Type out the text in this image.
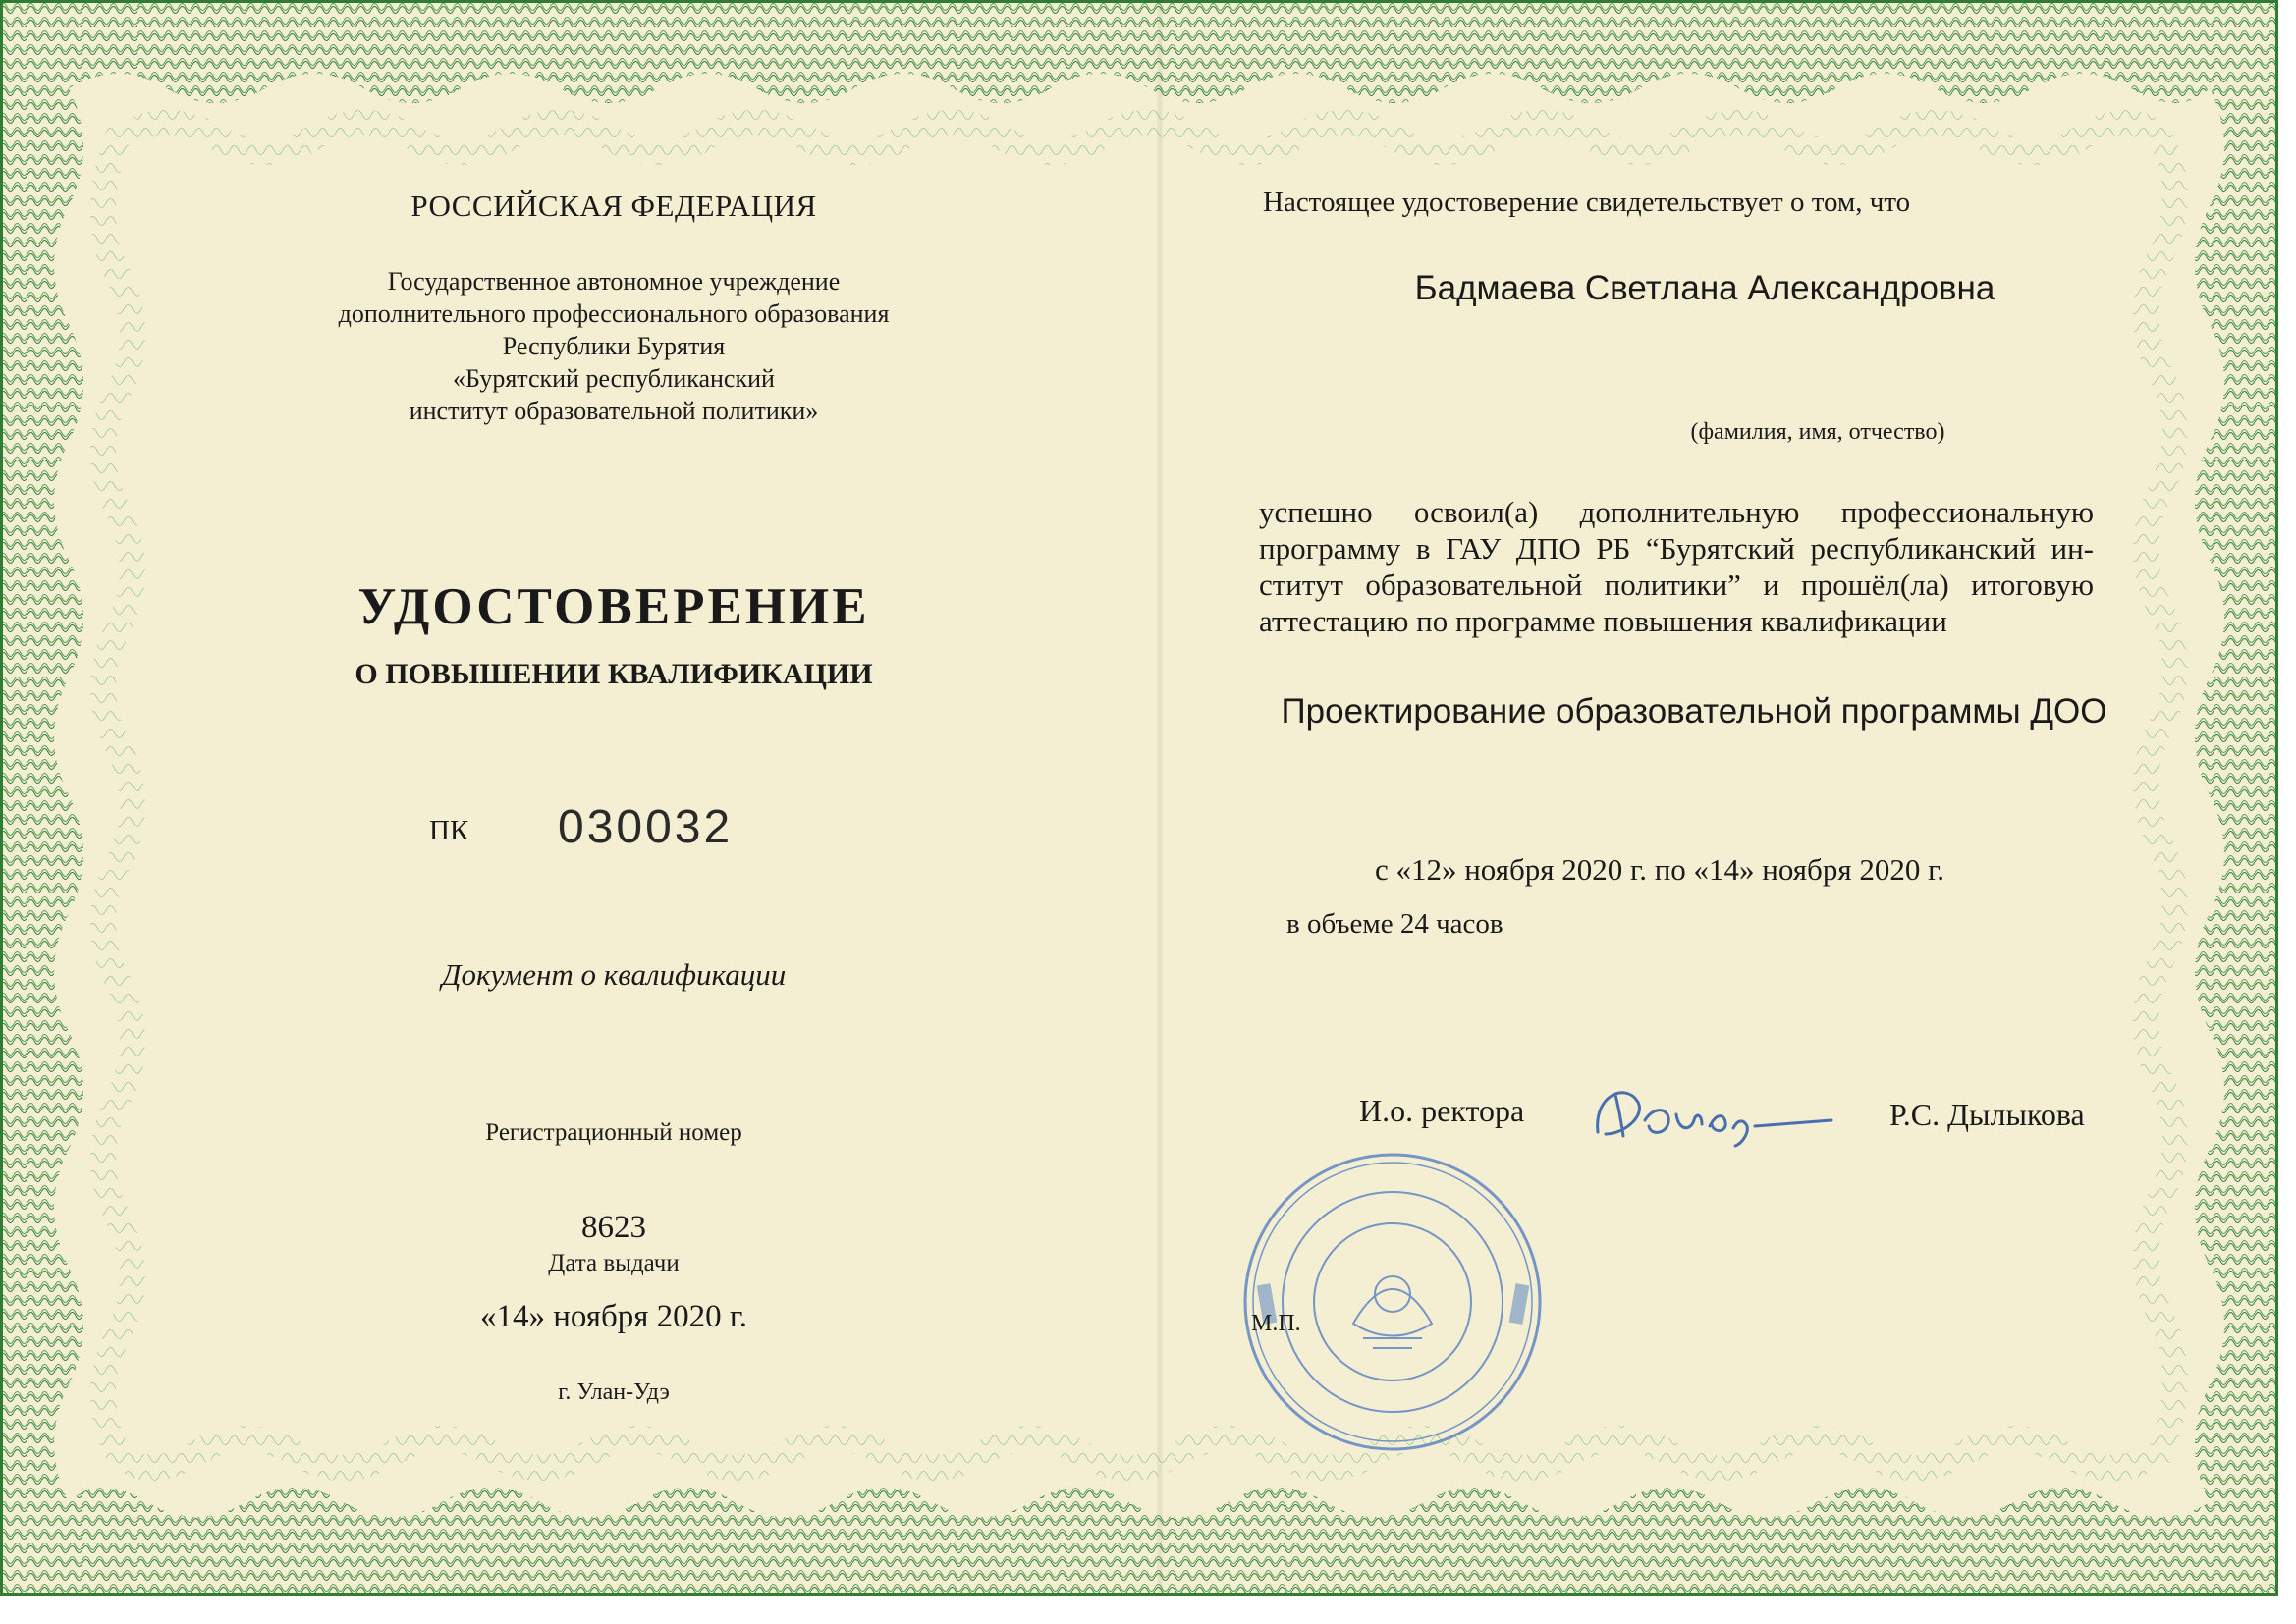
РОССИЙСКАЯ ФЕДЕРАЦИЯ
Государственное автономное учреждение
дополнительного профессионального образования
Республики Бурятия
«Бурятский республиканский
институт образовательной политики»
УДОСТОВЕРЕНИЕ
О ПОВЫШЕНИИ КВАЛИФИКАЦИИ
ПК 030032
Документ о квалификации
Регистрационный номер
8623
Дата выдачи
«14» ноября 2020 г.
г. Улан-Удэ
Настоящее удостоверение свидетельствует о том, что
Бадмаева Светлана Александровна
(фамилия, имя, отчество)
успешно освоил(а) дополнительную профессиональную
программу в ГАУ ДПО РБ “Бурятский республиканский ин-
ститут образовательной политики” и прошёл(ла) итоговую
аттестацию по программе повышения квалификации
Проектирование образовательной программы ДОО
с «12» ноября 2020 г. по «14» ноября 2020 г.
в объеме 24 часов
И.о. ректора	Р.С. Дылыкова
М.П.
